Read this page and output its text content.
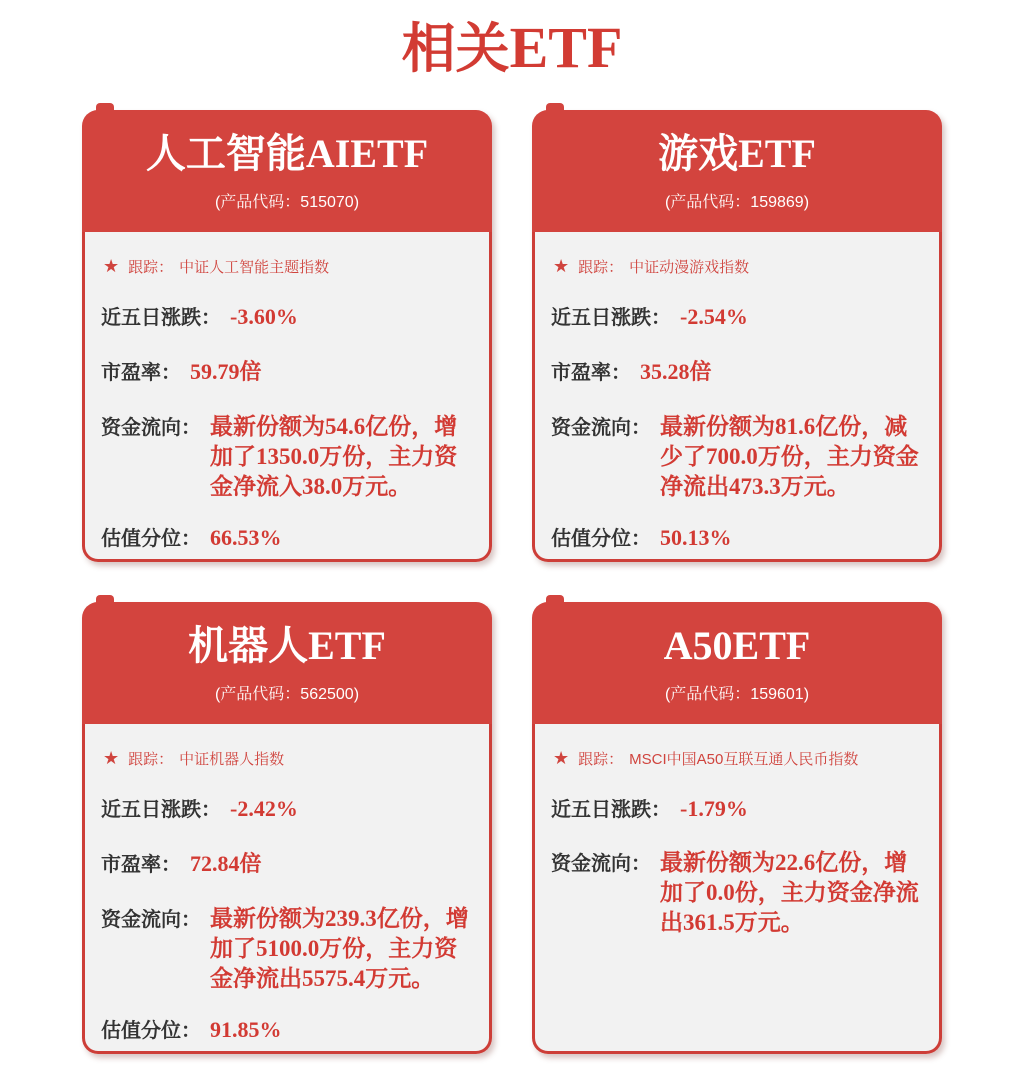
相关ETF
人工智能AIETF
(产品代码：515070)
★ 跟踪： 中证人工智能主题指数
近五日涨跌： -3.60%
市盈率： 59.79倍
资金流向： 最新份额为54.6亿份，增加了1350.0万份，主力资金净流入38.0万元。
估值分位： 66.53%
游戏ETF
(产品代码：159869)
★ 跟踪： 中证动漫游戏指数
近五日涨跌： -2.54%
市盈率： 35.28倍
资金流向： 最新份额为81.6亿份，减少了700.0万份，主力资金净流出473.3万元。
估值分位： 50.13%
机器人ETF
(产品代码：562500)
★ 跟踪： 中证机器人指数
近五日涨跌： -2.42%
市盈率： 72.84倍
资金流向： 最新份额为239.3亿份，增加了5100.0万份，主力资金净流出5575.4万元。
估值分位： 91.85%
A50ETF
(产品代码：159601)
★ 跟踪： MSCI中国A50互联互通人民币指数
近五日涨跌： -1.79%
资金流向： 最新份额为22.6亿份，增加了0.0份，主力资金净流出361.5万元。
